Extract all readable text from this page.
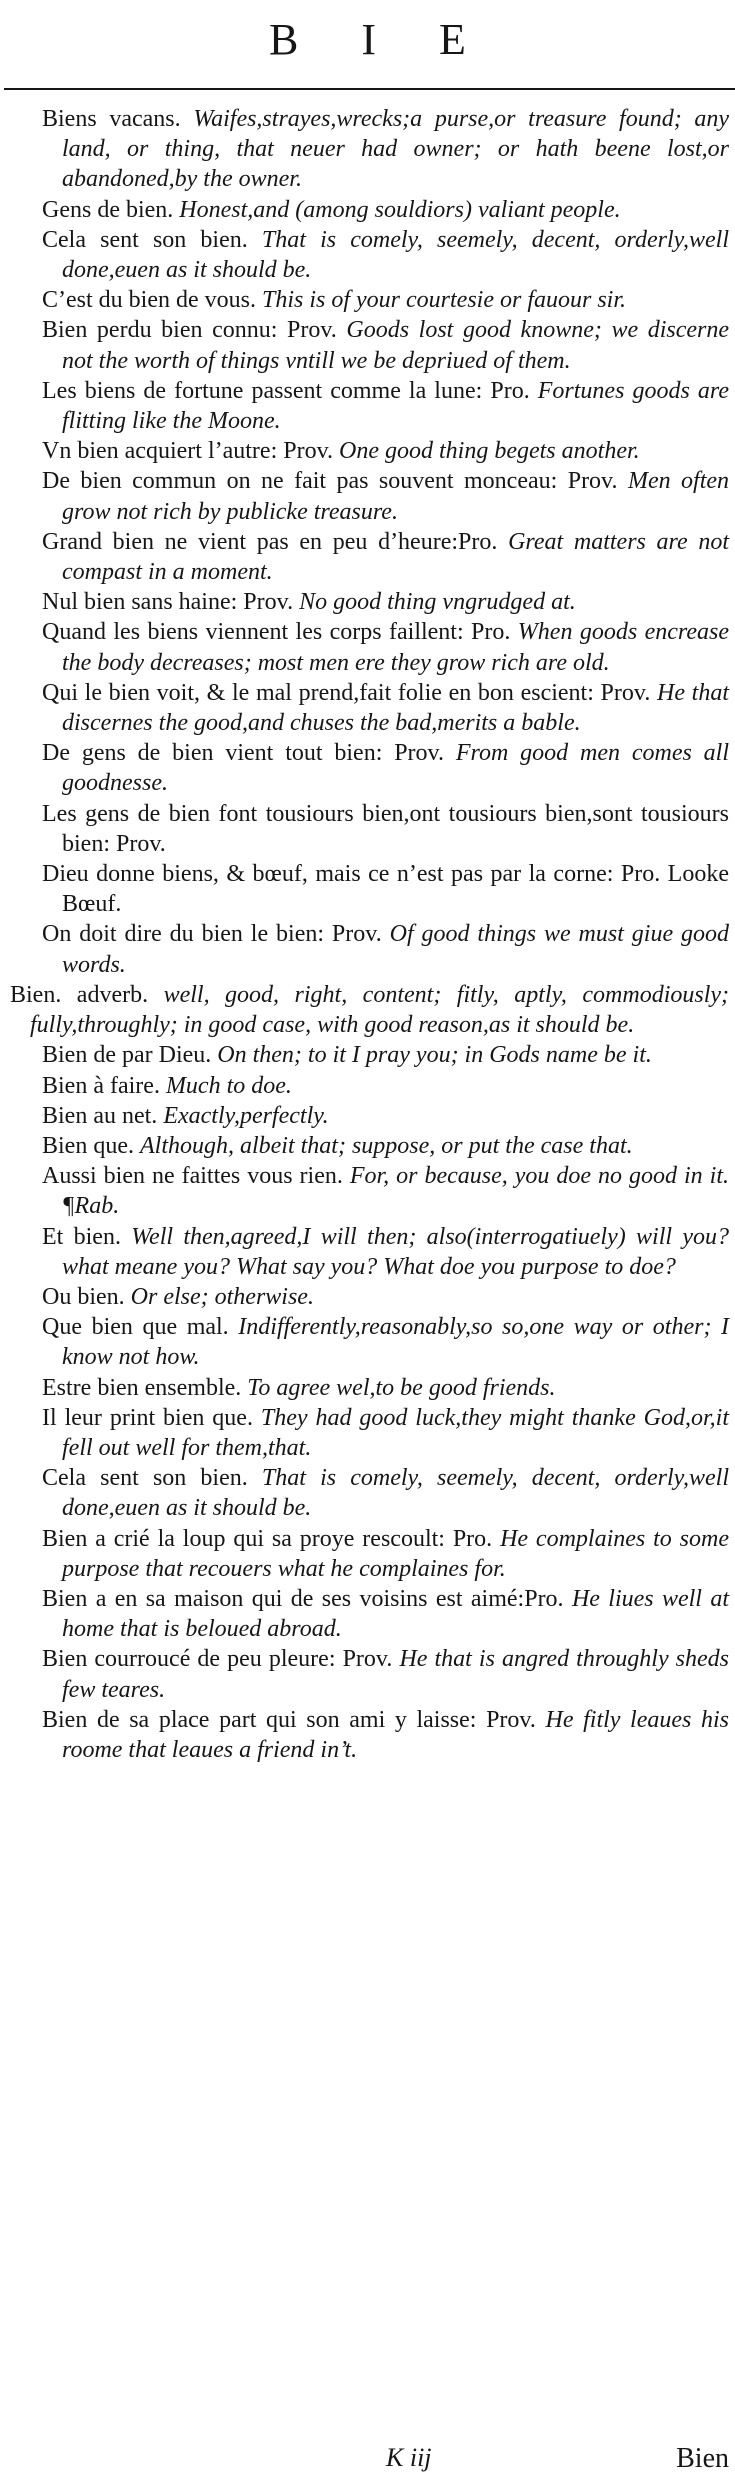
B I E
Biens vacans. Waifes,strayes,wrecks;a purse,or treasure found; any land, or thing, that neuer had owner; or hath beene lost,or abandoned,by the owner.
Gens de bien. Honest,and (among souldiors) valiant people.
Cela sent son bien. That is comely, seemely, decent, orderly,well done,euen as it should be.
C’est du bien de vous. This is of your courtesie or fauour sir.
Bien perdu bien connu: Prov. Goods lost good knowne; we discerne not the worth of things vntill we be depriued of them.
Les biens de fortune passent comme la lune: Pro. Fortunes goods are flitting like the Moone.
Vn bien acquiert l’autre: Prov. One good thing begets another.
De bien commun on ne fait pas souvent monceau: Prov. Men often grow not rich by publicke treasure.
Grand bien ne vient pas en peu d’heure:Pro. Great matters are not compast in a moment.
Nul bien sans haine: Prov. No good thing vngrudged at.
Quand les biens viennent les corps faillent: Pro. When goods encrease the body decreases; most men ere they grow rich are old.
Qui le bien voit, & le mal prend,fait folie en bon escient: Prov. He that discernes the good,and chuses the bad,merits a bable.
De gens de bien vient tout bien: Prov. From good men comes all goodnesse.
Les gens de bien font tousiours bien,ont tousiours bien,sont tousiours bien: Prov.
Dieu donne biens, & bœuf, mais ce n’est pas par la corne: Pro. Looke Bœuf.
On doit dire du bien le bien: Prov. Of good things we must giue good words.
Bien. adverb. well, good, right, content; fitly, aptly, commodiously; fully,throughly; in good case, with good reason,as it should be.
Bien de par Dieu. On then; to it I pray you; in Gods name be it.
Bien à faire. Much to doe.
Bien au net. Exactly,perfectly.
Bien que. Although, albeit that; suppose, or put the case that.
Aussi bien ne faittes vous rien. For, or because, you doe no good in it. ¶Rab.
Et bien. Well then,agreed,I will then; also(interrogatiuely) will you? what meane you? What say you? What doe you purpose to doe?
Ou bien. Or else; otherwise.
Que bien que mal. Indifferently,reasonably,so so,one way or other; I know not how.
Estre bien ensemble. To agree wel,to be good friends.
Il leur print bien que. They had good luck,they might thanke God,or,it fell out well for them,that.
Cela sent son bien. That is comely, seemely, decent, orderly,well done,euen as it should be.
Bien a crié la loup qui sa proye rescoult: Pro. He complaines to some purpose that recouers what he complaines for.
Bien a en sa maison qui de ses voisins est aimé:Pro. He liues well at home that is beloued abroad.
Bien courroucé de peu pleure: Prov. He that is angred throughly sheds few teares.
Bien de sa place part qui son ami y laisse: Prov. He fitly leaues his roome that leaues a friend in’t.
K iij	Bien
